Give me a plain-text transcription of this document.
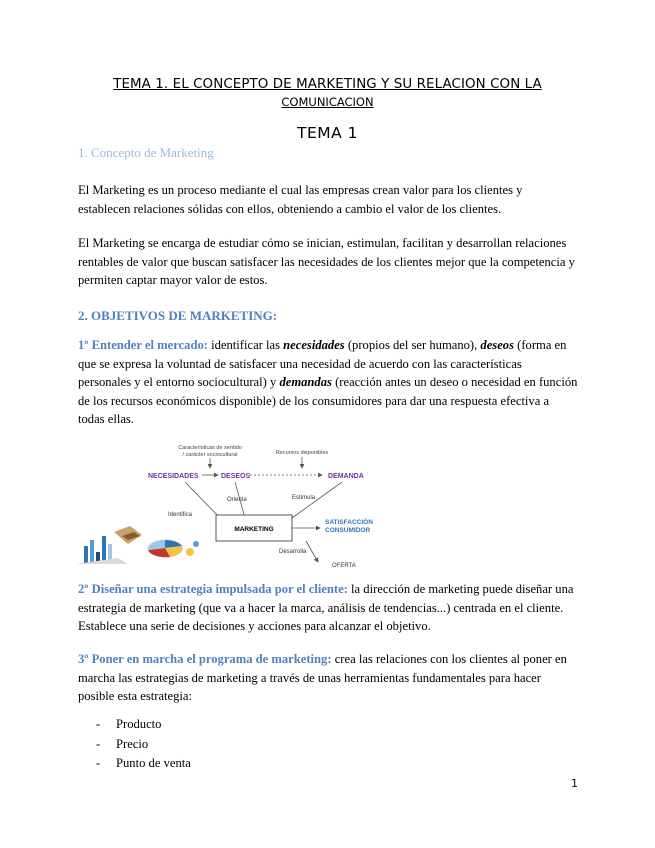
TEMA 1. EL CONCEPTO DE MARKETING Y SU RELACION CON LA
COMUNICACION
TEMA 1
1. Concepto de Marketing
El Marketing es un proceso mediante el cual las empresas crean valor para los clientes y establecen relaciones sólidas con ellos, obteniendo a cambio el valor de los clientes.
El Marketing se encarga de estudiar cómo se inician, estimulan, facilitan y desarrollan relaciones rentables de valor que buscan satisfacer las necesidades de los clientes mejor que la competencia y permiten captar mayor valor de estos.
2. OBJETIVOS DE MARKETING:
1º Entender el mercado: identificar las necesidades (propios del ser humano), deseos (forma en que se expresa la voluntad de satisfacer una necesidad de acuerdo con las características personales y el entorno sociocultural) y demandas (reacción antes un deseo o necesidad en función de los recursos económicos disponible) de los consumidores para dar una respuesta efectiva a todas ellas.
Características de sentido
/ carácter sociocultural	Recursos disponibles
NECESIDADES	DESEOS	DEMANDA
Orienta	Estimula
Identifica
MARKETING
SATISFACCIÓN
CONSUMIDOR
Desarrolla
OFERTA
2º Diseñar una estrategia impulsada por el cliente: la dirección de marketing puede diseñar una estrategia de marketing (que va a hacer la marca, análisis de tendencias...) centrada en el cliente. Establece una serie de decisiones y acciones para alcanzar el objetivo.
3º Poner en marcha el programa de marketing: crea las relaciones con los clientes al poner en marcha las estrategias de marketing a través de unas herramientas fundamentales para hacer posible esta estrategia:
- Producto
- Precio
- Punto de venta
1
